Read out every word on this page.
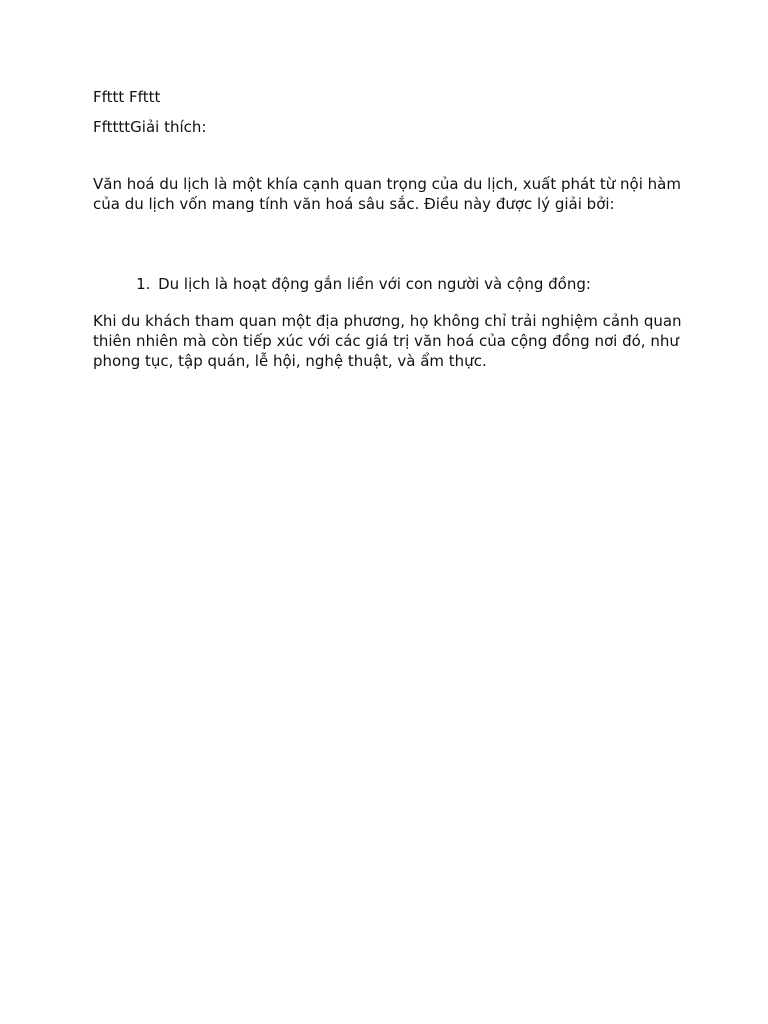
Ffttt Ffttt

FfttttGiải thích:

Văn hoá du lịch là một khía cạnh quan trọng của du lịch, xuất phát từ nội hàm của du lịch vốn mang tính văn hoá sâu sắc. Điều này được lý giải bởi:

1. Du lịch là hoạt động gắn liền với con người và cộng đồng:

Khi du khách tham quan một địa phương, họ không chỉ trải nghiệm cảnh quan thiên nhiên mà còn tiếp xúc với các giá trị văn hoá của cộng đồng nơi đó, như phong tục, tập quán, lễ hội, nghệ thuật, và ẩm thực.
